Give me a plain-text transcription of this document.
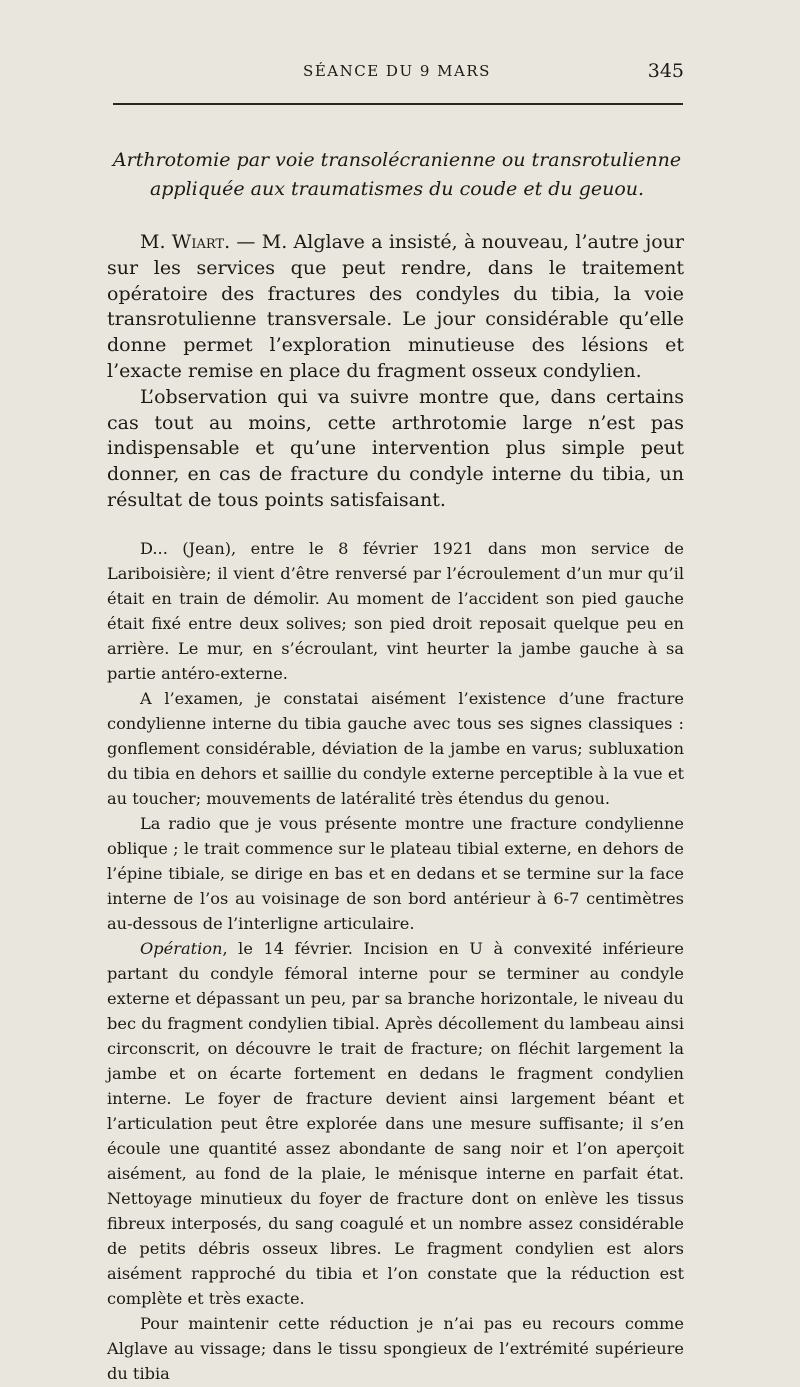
SÉANCE DU 9 MARS	345
Arthrotomie par voie transolécranienne ou transrotulienne
appliquée aux traumatismes du coude et du geuou.

M. Wiart. — M. Alglave a insisté, à nouveau, l’autre jour sur les services que peut rendre, dans le traitement opératoire des fractures des condyles du tibia, la voie transrotulienne transversale. Le jour considérable qu’elle donne permet l’exploration minutieuse des lésions et l’exacte remise en place du fragment osseux condylien.

L’observation qui va suivre montre que, dans certains cas tout au moins, cette arthrotomie large n’est pas indispensable et qu’une intervention plus simple peut donner, en cas de fracture du condyle interne du tibia, un résultat de tous points satisfaisant.

D... (Jean), entre le 8 février 1921 dans mon service de Lariboisière; il vient d’être renversé par l’écroulement d’un mur qu’il était en train de démolir. Au moment de l’accident son pied gauche était fixé entre deux solives; son pied droit reposait quelque peu en arrière. Le mur, en s’écroulant, vint heurter la jambe gauche à sa partie antéro-externe.

A l’examen, je constatai aisément l’existence d’une fracture condylienne interne du tibia gauche avec tous ses signes classiques : gonflement considérable, déviation de la jambe en varus; subluxation du tibia en dehors et saillie du condyle externe perceptible à la vue et au toucher; mouvements de latéralité très étendus du genou.

La radio que je vous présente montre une fracture condylienne oblique ; le trait commence sur le plateau tibial externe, en dehors de l’épine tibiale, se dirige en bas et en dedans et se termine sur la face interne de l’os au voisinage de son bord antérieur à 6-7 centimètres au-dessous de l’interligne articulaire.

Opération, le 14 février. Incision en U à convexité inférieure partant du condyle fémoral interne pour se terminer au condyle externe et dépassant un peu, par sa branche horizontale, le niveau du bec du fragment condylien tibial. Après décollement du lambeau ainsi circonscrit, on découvre le trait de fracture; on fléchit largement la jambe et on écarte fortement en dedans le fragment condylien interne. Le foyer de fracture devient ainsi largement béant et l’articulation peut être explorée dans une mesure suffisante; il s’en écoule une quantité assez abondante de sang noir et l’on aperçoit aisément, au fond de la plaie, le ménisque interne en parfait état. Nettoyage minutieux du foyer de fracture dont on enlève les tissus fibreux interposés, du sang coagulé et un nombre assez considérable de petits débris osseux libres. Le fragment condylien est alors aisément rapproché du tibia et l’on constate que la réduction est complète et très exacte.

Pour maintenir cette réduction je n’ai pas eu recours comme Alglave au vissage; dans le tissu spongieux de l’extrémité supérieure du tibia
